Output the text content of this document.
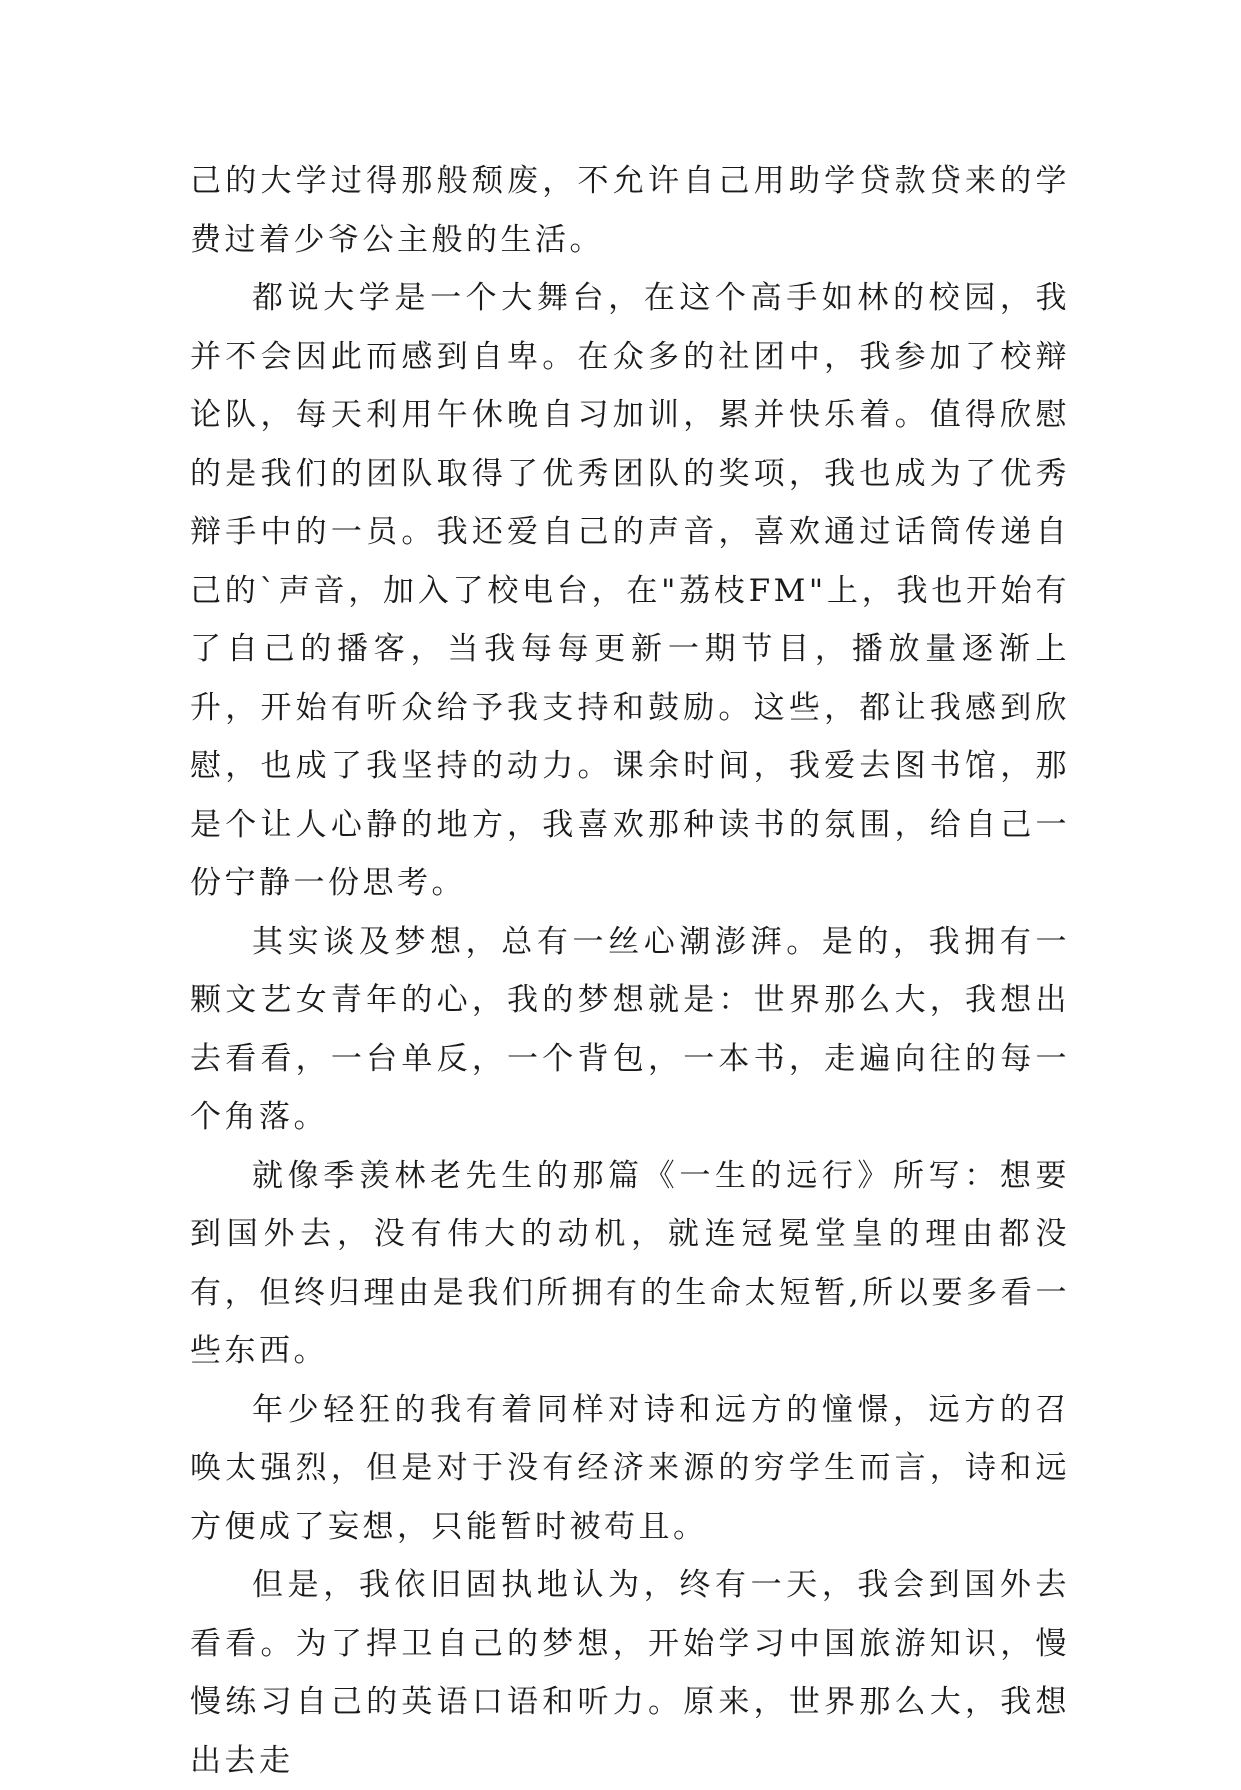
己的大学过得那般颓废，不允许自己用助学贷款贷来的学费过着少爷公主般的生活。

都说大学是一个大舞台，在这个高手如林的校园，我并不会因此而感到自卑。在众多的社团中，我参加了校辩论队，每天利用午休晚自习加训，累并快乐着。值得欣慰的是我们的团队取得了优秀团队的奖项，我也成为了优秀辩手中的一员。我还爱自己的声音，喜欢通过话筒传递自己的`声音，加入了校电台，在"荔枝FM"上，我也开始有了自己的播客，当我每每更新一期节目，播放量逐渐上升，开始有听众给予我支持和鼓励。这些，都让我感到欣慰，也成了我坚持的动力。课余时间，我爱去图书馆，那是个让人心静的地方，我喜欢那种读书的氛围，给自己一份宁静一份思考。

其实谈及梦想，总有一丝心潮澎湃。是的，我拥有一颗文艺女青年的心，我的梦想就是：世界那么大，我想出去看看，一台单反，一个背包，一本书，走遍向往的每一个角落。

就像季羡林老先生的那篇《一生的远行》所写：想要到国外去，没有伟大的动机，就连冠冕堂皇的理由都没有，但终归理由是我们所拥有的生命太短暂,所以要多看一些东西。

年少轻狂的我有着同样对诗和远方的憧憬，远方的召唤太强烈，但是对于没有经济来源的穷学生而言，诗和远方便成了妄想，只能暂时被苟且。

但是，我依旧固执地认为，终有一天，我会到国外去看看。为了捍卫自己的梦想，开始学习中国旅游知识，慢慢练习自己的英语口语和听力。原来，世界那么大，我想出去走
